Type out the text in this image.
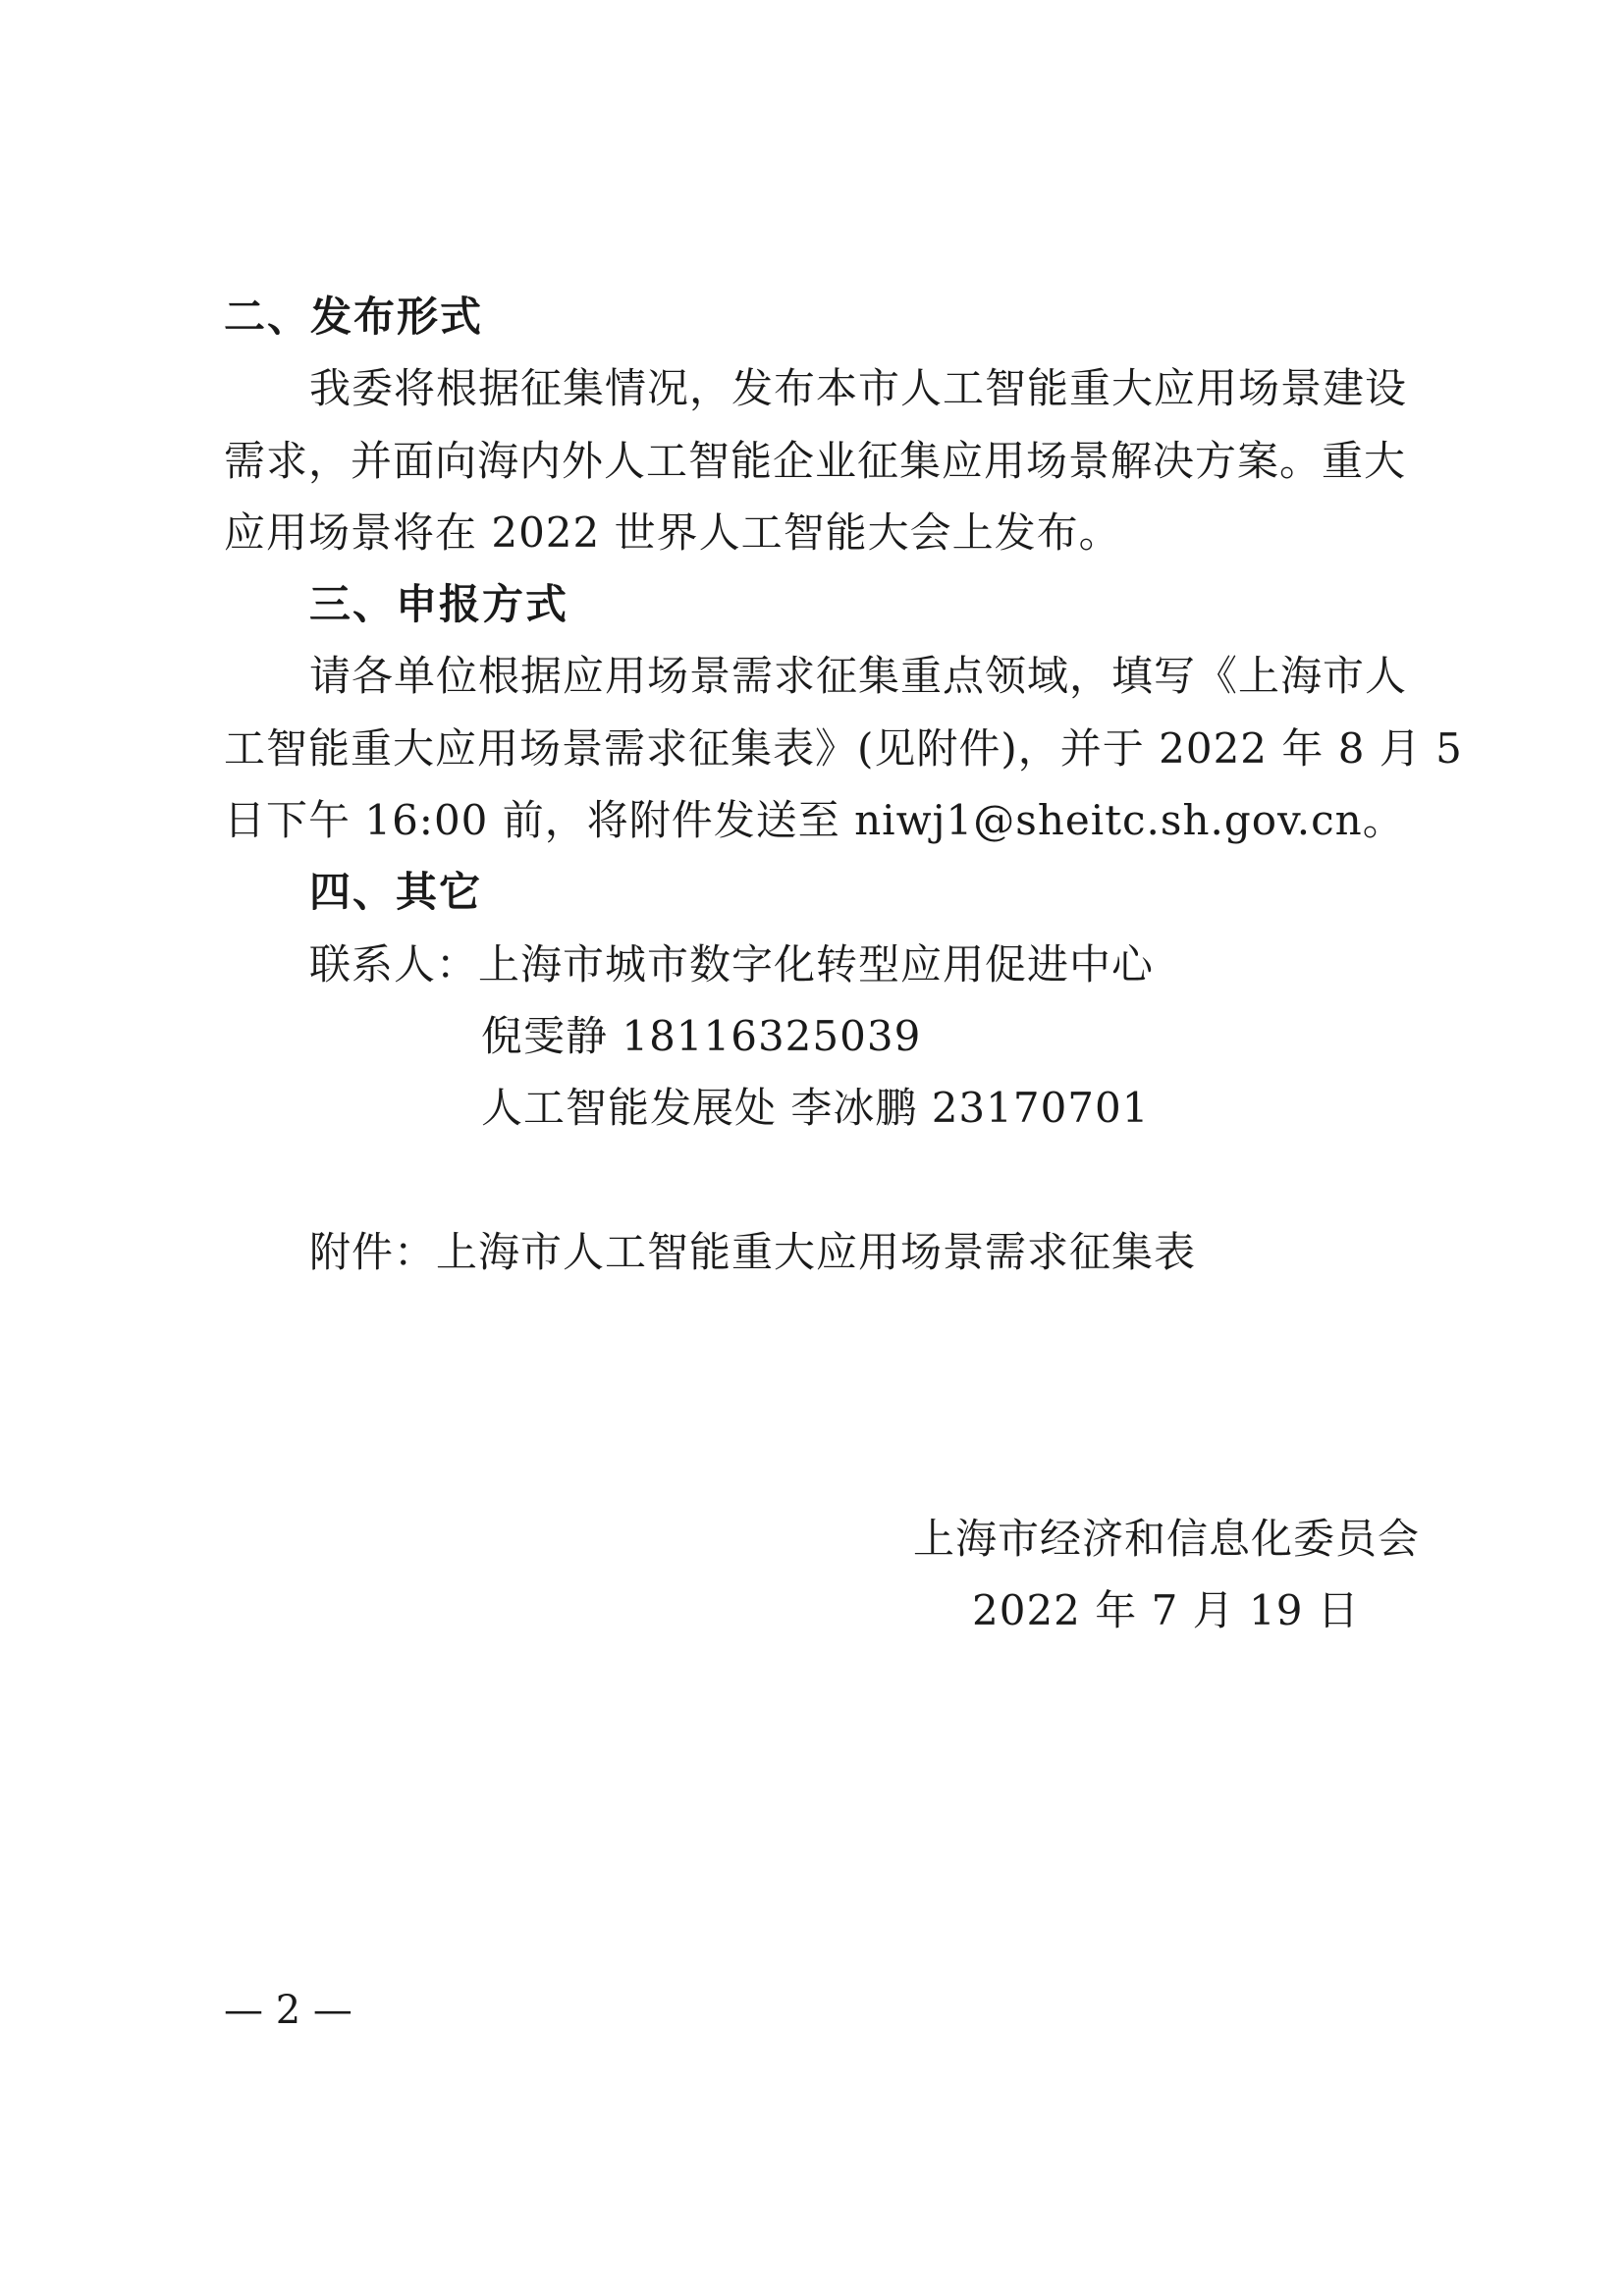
二、发布形式
我委将根据征集情况，发布本市人工智能重大应用场景建设
需求，并面向海内外人工智能企业征集应用场景解决方案。重大
应用场景将在 2022 世界人工智能大会上发布。
三、申报方式
请各单位根据应用场景需求征集重点领域，填写《上海市人
工智能重大应用场景需求征集表》(见附件)，并于 2022 年 8 月 5
日下午 16:00 前，将附件发送至 niwj1@sheitc.sh.gov.cn。
四、其它
联系人：上海市城市数字化转型应用促进中心
倪雯静 18116325039
人工智能发展处 李冰鹏 23170701
附件：上海市人工智能重大应用场景需求征集表
上海市经济和信息化委员会
2022 年 7 月 19 日
— 2 —
